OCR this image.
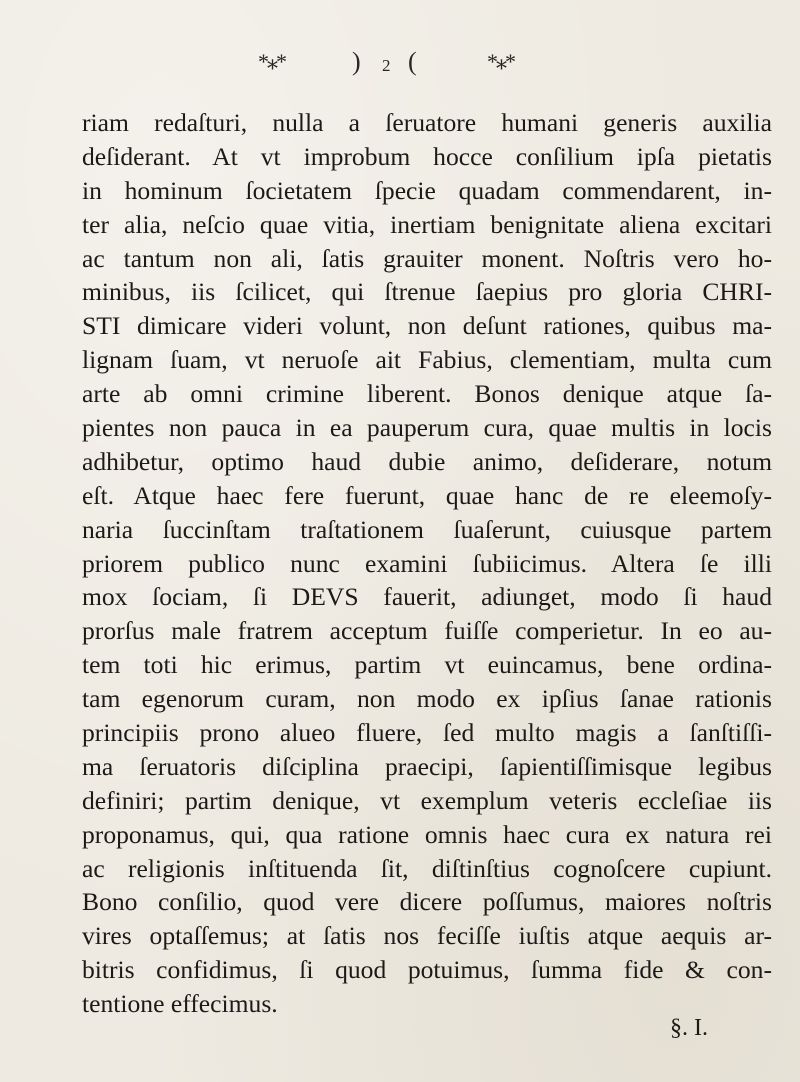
*⁎*	) 2 (	*⁎*
riam redaſturi, nulla a ſeruatore humani generis auxilia
deſiderant. At vt improbum hocce conſilium ipſa pietatis
in hominum ſocietatem ſpecie quadam commendarent, in-
ter alia, neſcio quae vitia, inertiam benignitate aliena excitari
ac tantum non ali, ſatis grauiter monent. Noſtris vero ho-
minibus, iis ſcilicet, qui ſtrenue ſaepius pro gloria CHRI-
STI dimicare videri volunt, non deſunt rationes, quibus ma-
lignam ſuam, vt neruoſe ait Fabius, clementiam, multa cum
arte ab omni crimine liberent. Bonos denique atque ſa-
pientes non pauca in ea pauperum cura, quae multis in locis
adhibetur, optimo haud dubie animo, deſiderare, notum
eſt. Atque haec fere fuerunt, quae hanc de re eleemoſy-
naria ſuccinſtam traſtationem ſuaſerunt, cuiusque partem
priorem publico nunc examini ſubiicimus. Altera ſe illi
mox ſociam, ſi DEVS fauerit, adiunget, modo ſi haud
prorſus male fratrem acceptum fuiſſe comperietur. In eo au-
tem toti hic erimus, partim vt euincamus, bene ordina-
tam egenorum curam, non modo ex ipſius ſanae rationis
principiis prono alueo fluere, ſed multo magis a ſanſtiſſi-
ma ſeruatoris diſciplina praecipi, ſapientiſſimisque legibus
definiri; partim denique, vt exemplum veteris eccleſiae iis
proponamus, qui, qua ratione omnis haec cura ex natura rei
ac religionis inſtituenda ſit, diſtinſtius cognoſcere cupiunt.
Bono conſilio, quod vere dicere poſſumus, maiores noſtris
vires optaſſemus; at ſatis nos feciſſe iuſtis atque aequis ar-
bitris confidimus, ſi quod potuimus, ſumma fide & con-
tentione effecimus.
§. I.
